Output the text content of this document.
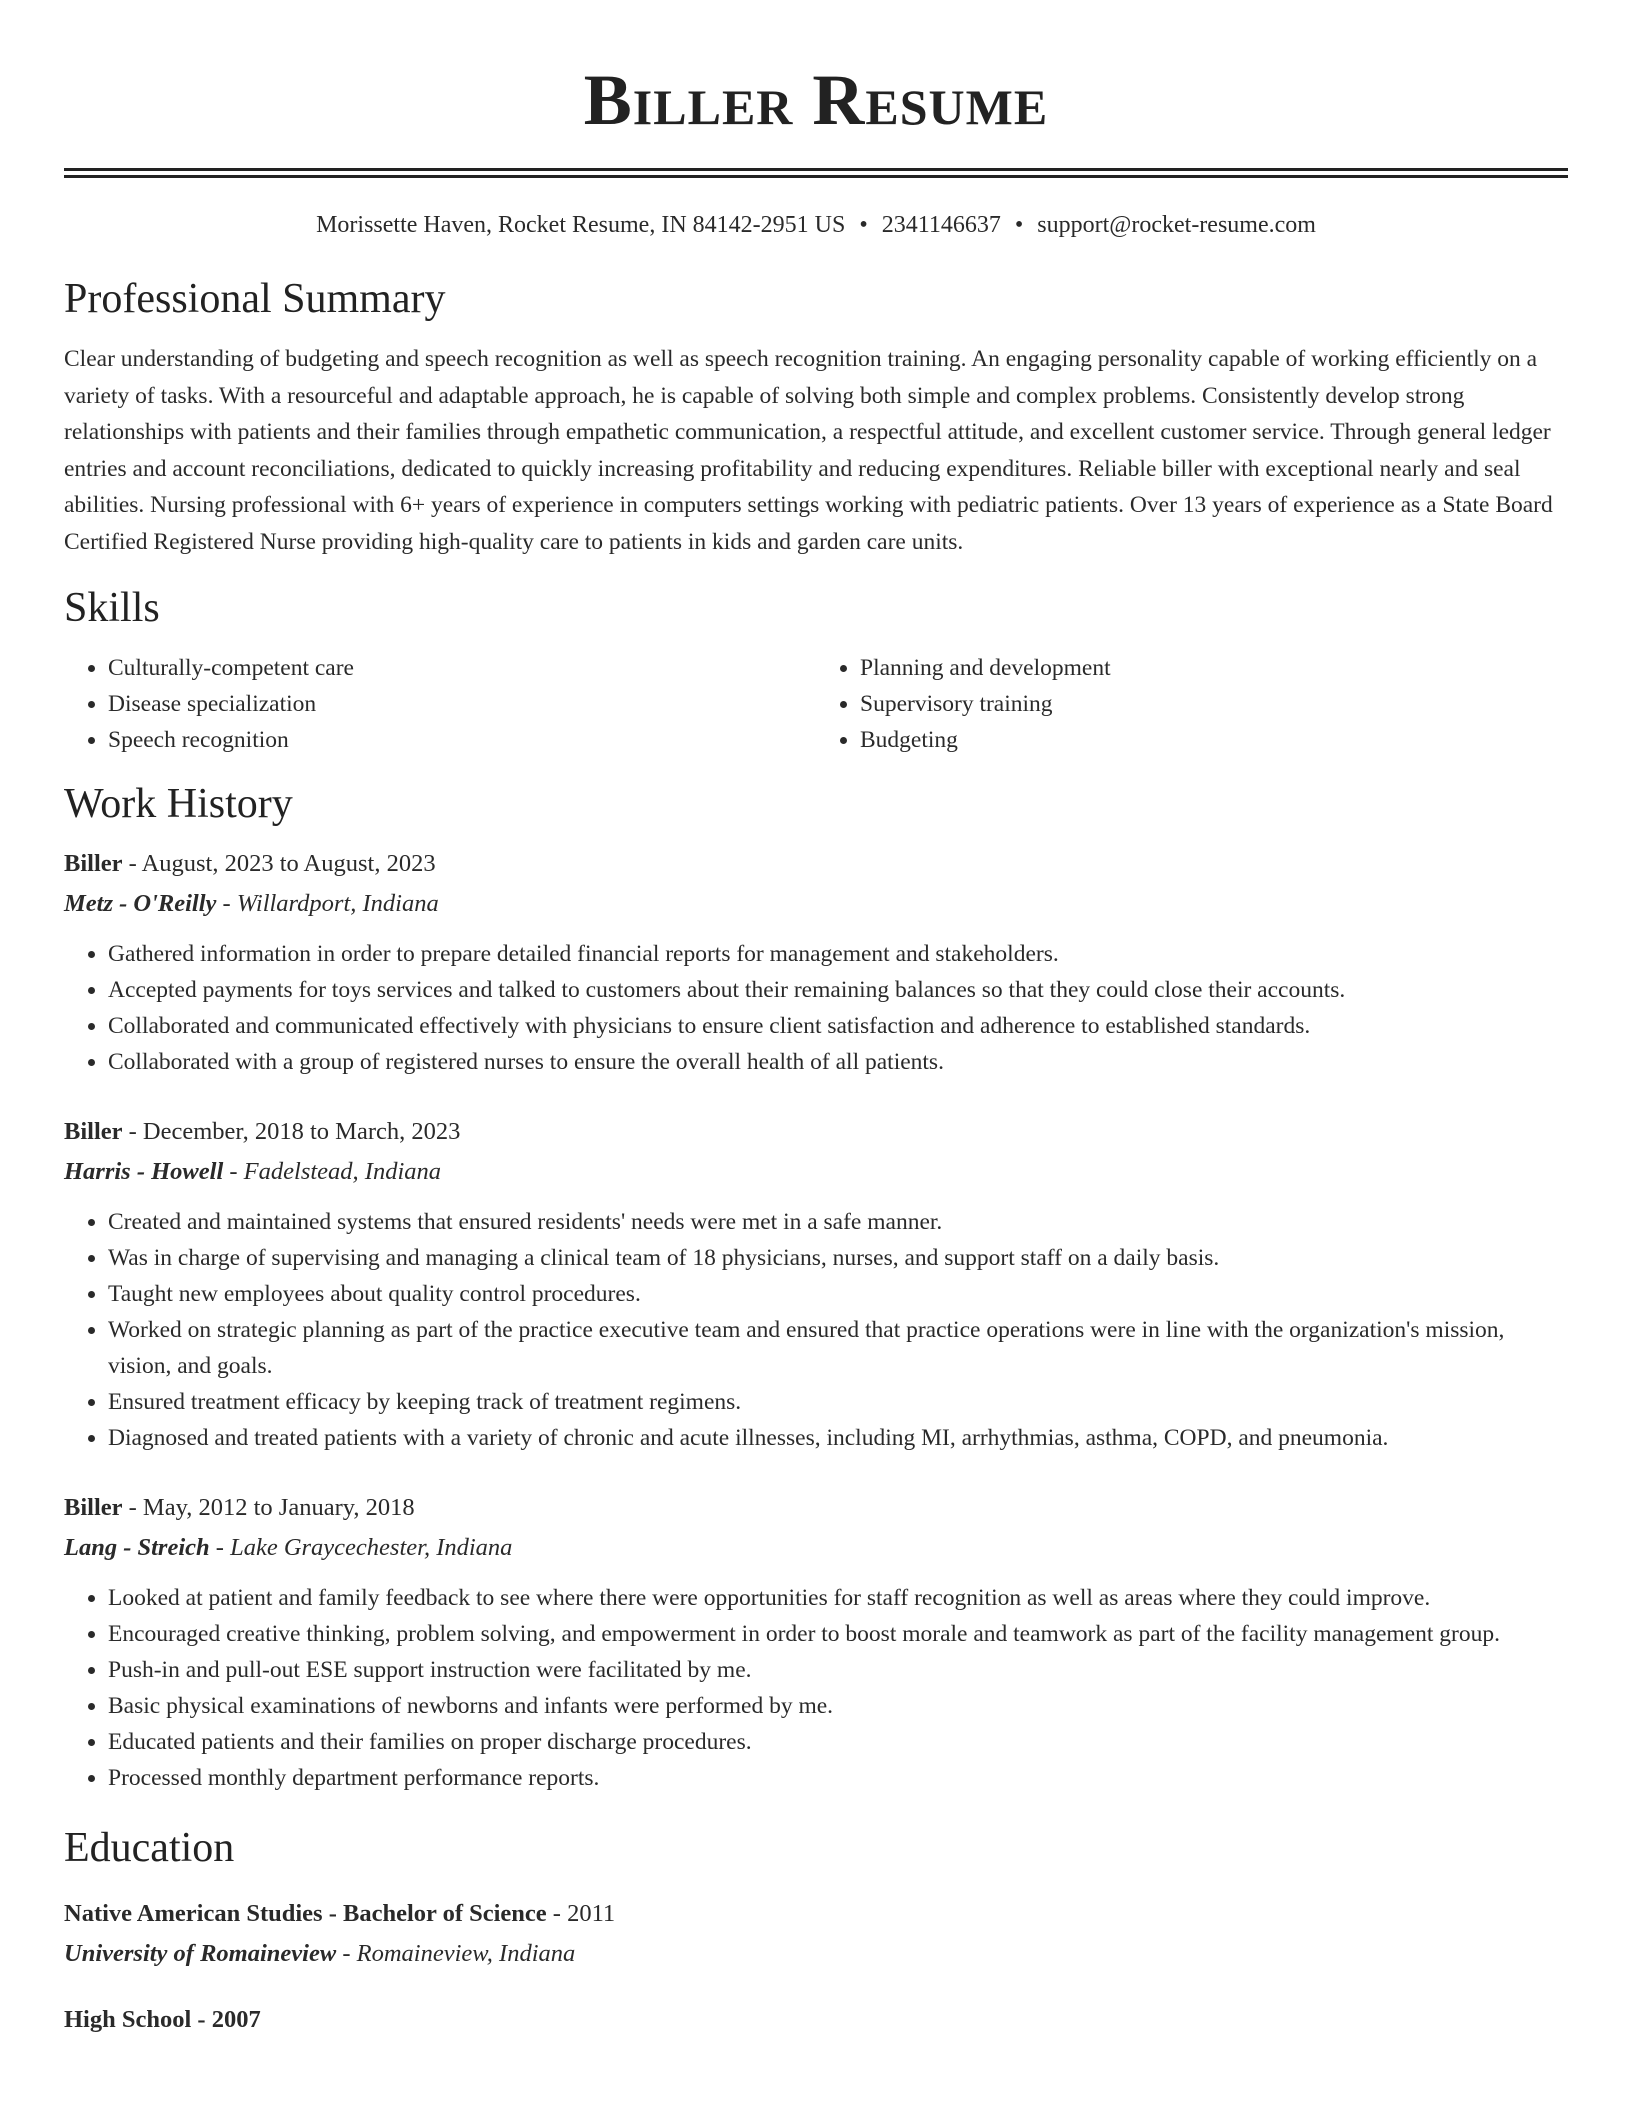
Biller Resume
Morissette Haven, Rocket Resume, IN 84142-2951 US • 2341146637 • support@rocket-resume.com
Professional Summary
Clear understanding of budgeting and speech recognition as well as speech recognition training. An engaging personality capable of working efficiently on a variety of tasks. With a resourceful and adaptable approach, he is capable of solving both simple and complex problems. Consistently develop strong relationships with patients and their families through empathetic communication, a respectful attitude, and excellent customer service. Through general ledger entries and account reconciliations, dedicated to quickly increasing profitability and reducing expenditures. Reliable biller with exceptional nearly and seal abilities. Nursing professional with 6+ years of experience in computers settings working with pediatric patients. Over 13 years of experience as a State Board Certified Registered Nurse providing high-quality care to patients in kids and garden care units.
Skills
• Culturally-competent care
• Disease specialization
• Speech recognition
• Planning and development
• Supervisory training
• Budgeting
Work History
Biller - August, 2023 to August, 2023
Metz - O'Reilly - Willardport, Indiana
• Gathered information in order to prepare detailed financial reports for management and stakeholders.
• Accepted payments for toys services and talked to customers about their remaining balances so that they could close their accounts.
• Collaborated and communicated effectively with physicians to ensure client satisfaction and adherence to established standards.
• Collaborated with a group of registered nurses to ensure the overall health of all patients.
Biller - December, 2018 to March, 2023
Harris - Howell - Fadelstead, Indiana
• Created and maintained systems that ensured residents' needs were met in a safe manner.
• Was in charge of supervising and managing a clinical team of 18 physicians, nurses, and support staff on a daily basis.
• Taught new employees about quality control procedures.
• Worked on strategic planning as part of the practice executive team and ensured that practice operations were in line with the organization's mission, vision, and goals.
• Ensured treatment efficacy by keeping track of treatment regimens.
• Diagnosed and treated patients with a variety of chronic and acute illnesses, including MI, arrhythmias, asthma, COPD, and pneumonia.
Biller - May, 2012 to January, 2018
Lang - Streich - Lake Graycechester, Indiana
• Looked at patient and family feedback to see where there were opportunities for staff recognition as well as areas where they could improve.
• Encouraged creative thinking, problem solving, and empowerment in order to boost morale and teamwork as part of the facility management group.
• Push-in and pull-out ESE support instruction were facilitated by me.
• Basic physical examinations of newborns and infants were performed by me.
• Educated patients and their families on proper discharge procedures.
• Processed monthly department performance reports.
Education
Native American Studies - Bachelor of Science - 2011
University of Romaineview - Romaineview, Indiana
High School - 2007
